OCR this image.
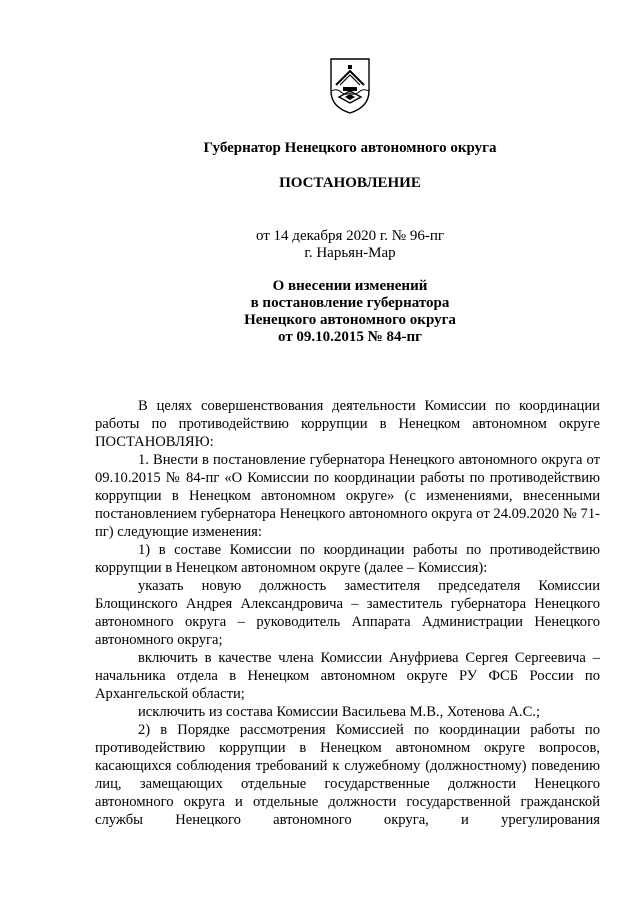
Губернатор Ненецкого автономного округа
ПОСТАНОВЛЕНИЕ
от 14 декабря 2020 г. № 96-пг
г. Нарьян-Мар
О внесении изменений
в постановление губернатора
Ненецкого автономного округа
от 09.10.2015 № 84-пг
В целях совершенствования деятельности Комиссии по координации работы по противодействию коррупции в Ненецком автономном округе
ПОСТАНОВЛЯЮ:
1. Внести в постановление губернатора Ненецкого автономного округа от 09.10.2015 № 84-пг «О Комиссии по координации работы по противодействию коррупции в Ненецком автономном округе» (с изменениями, внесенными постановлением губернатора Ненецкого автономного округа от 24.09.2020 № 71-пг) следующие изменения:
1) в составе Комиссии по координации работы по противодействию коррупции в Ненецком автономном округе (далее – Комиссия):
указать новую должность заместителя председателя Комиссии Блощинского Андрея Александровича – заместитель губернатора Ненецкого автономного округа – руководитель Аппарата Администрации Ненецкого автономного округа;
включить в качестве члена Комиссии Ануфриева Сергея Сергеевича – начальника отдела в Ненецком автономном округе РУ ФСБ России по Архангельской области;
исключить из состава Комиссии Васильева М.В., Хотенова А.С.;
2) в Порядке рассмотрения Комиссией по координации работы по противодействию коррупции в Ненецком автономном округе вопросов, касающихся соблюдения требований к служебному (должностному) поведению лиц, замещающих отдельные государственные должности Ненецкого автономного округа и отдельные должности государственной гражданской службы Ненецкого автономного округа, и урегулирования
